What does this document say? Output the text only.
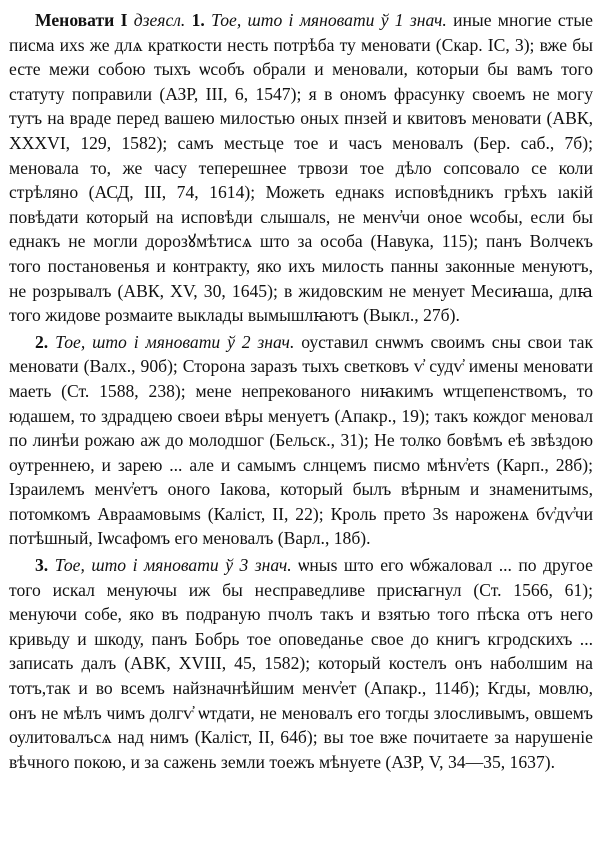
Меновати I дзеясл. 1. Тое, што і мяновати ў 1 знач. иные многие стые писма ихs же длѧ краткости несть потрѣба ту меновати (Скар. ІС, 3); вже бы есте межи собою тыхъ ѡсобъ обрали и меновали, которыи бы вамъ того статуту поправили (АЗР, III, 6, 1547); я в ономъ фрасунку своемъ не могу тутъ на враде перед вашею милостью оных пнзей и квитовъ меновати (АВК, XXXVI, 129, 1582); самъ местьце тое и часъ меновалъ (Бер. саб., 7б); меновала то, же часу теперешнее трвози тое дѣло сопсовало се коли стрѣляно (АСД, III, 74, 1614); Можеть еднакs исповѣдникъ грѣхъ ıакій повѣдати который на исповѣди слышалs, не менѵ҆чи оное ѡсобы, если бы еднакъ не могли дорозꙋмѣтисѧ што за особа (Навука, 115); панъ Волчекъ того постановенья и контракту, яко ихъ милость панны законные менуютъ, не розрывалъ (АВК, XV, 30, 1645); в жидовским не менует Месиꙗша, длꙗ того жидове розмаите выклады вымышлꙗютъ (Выкл., 27б).

2. Тое, што і мяновати ў 2 знач. оуставил снѡмъ своимъ сны свои так меновати (Валх., 90б); Сторона заразъ тыхъ светковъ ѵ҆ судѵ҆ имены меновати маеть (Ст. 1588, 238); мене непрекованого ниꙗкимъ ѡтщепенствомъ, то юдашем, то здрадцею своеи вѣры менуетъ (Апакр., 19); такъ кождог меновал по линѣи рожаю аж до молодшог (Бельск., 31); Не толко бовѣмъ еѣ звѣздою оутреннею, и зарею ... але и самымъ слнцемъ писмо мѣнѵ҆етs (Карп., 28б); Ізраилемъ менѵ҆етъ оного Іакова, который былъ вѣрным и знаменитымs, потомкомъ Авраамовымs (Каліст, II, 22); Кроль прето 3s нароженѧ бѵ҆дѵ҆чи потѣшный, Іѡсафомъ его меновалъ (Варл., 18б).

3. Тое, што і мяновати ў 3 знач. ѡныs што его ѡбжаловал ... по другое того искал менуючы иж бы несправедливе присꙗгнул (Ст. 1566, 61); менуючи собе, яко въ подраную пчолъ такъ и взятью того пѣска отъ него кривьду и шкоду, панъ Бобрь тое оповеданье свое до книгъ кгродскихъ ... записать далъ (АВК, XVIII, 45, 1582); который костелъ онъ наболшим на тотъ,так и во всемъ найзначнѣйшим менѵ҆ет (Апакр., 114б); Кгды, мовлю, онъ не мѣлъ чимъ долгѵ҆ ѡтдати, не меновалъ его тогды злосливымъ, овшемъ оулитовалъсѧ над нимъ (Каліст, II, 64б); вы тое вже почитаете за нарушеніе вѣчного покою, и за сажень земли тоежъ мѣнуете (АЗР, V, 34—35, 1637).
